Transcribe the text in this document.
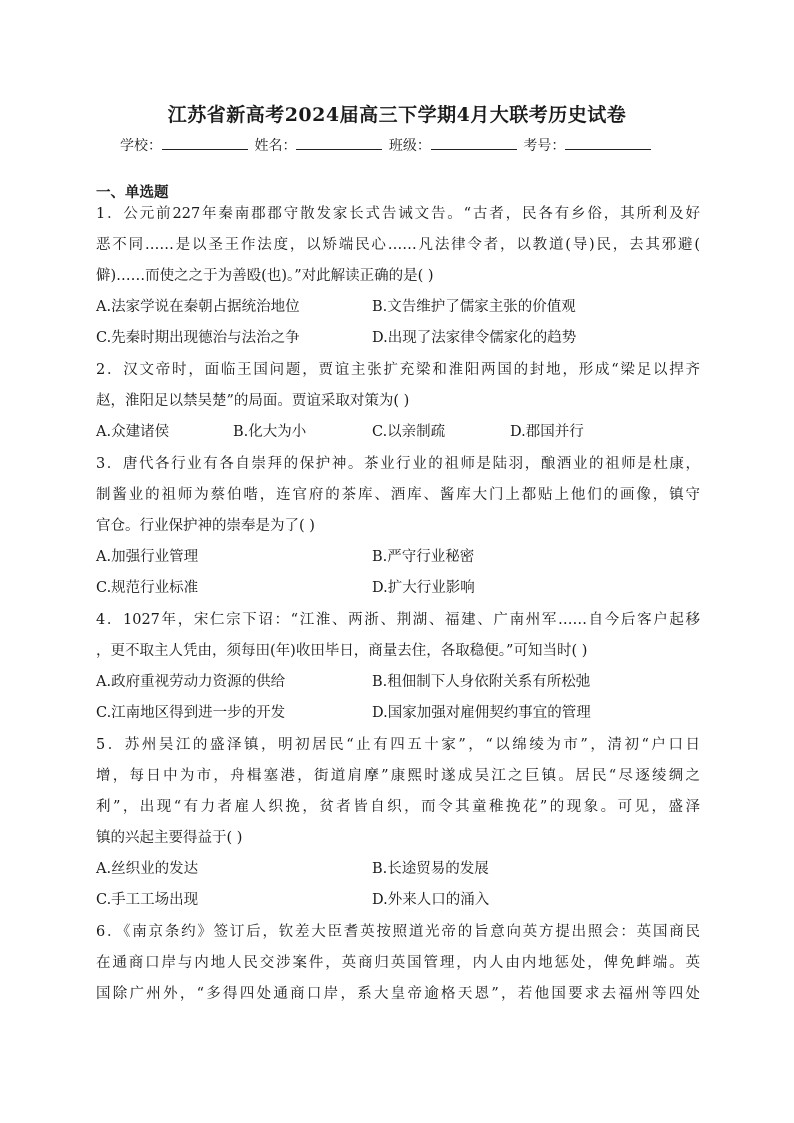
江苏省新高考2024届高三下学期4月大联考历史试卷
学校：	姓名：	班级：	考号：
一、单选题
1．公元前227年秦南郡郡守散发家长式告诫文告。“古者，民各有乡俗，其所利及好
恶不同……是以圣王作法度，以矫端民心……凡法律令者，以教道(导)民，去其邪避(
僻)……而使之之于为善殴(也)。”对此解读正确的是( )
A.法家学说在秦朝占据统治地位	B.文告维护了儒家主张的价值观
C.先秦时期出现德治与法治之争	D.出现了法家律令儒家化的趋势
2．汉文帝时，面临王国问题，贾谊主张扩充梁和淮阳两国的封地，形成“梁足以捍齐
赵，淮阳足以禁吴楚”的局面。贾谊采取对策为( )
A.众建诸侯	B.化大为小	C.以亲制疏	D.郡国并行
3．唐代各行业有各自崇拜的保护神。茶业行业的祖师是陆羽，酿酒业的祖师是杜康，
制酱业的祖师为蔡伯喈，连官府的茶库、酒库、酱库大门上都贴上他们的画像，镇守
官仓。行业保护神的崇奉是为了( )
A.加强行业管理	B.严守行业秘密
C.规范行业标准	D.扩大行业影响
4．1027年，宋仁宗下诏：“江淮、两浙、荆湖、福建、广南州军……自今后客户起移
，更不取主人凭由，须每田(年)收田毕日，商量去住，各取稳便。”可知当时( )
A.政府重视劳动力资源的供给	B.租佃制下人身依附关系有所松弛
C.江南地区得到进一步的开发	D.国家加强对雇佣契约事宜的管理
5．苏州吴江的盛泽镇，明初居民“止有四五十家”，“以绵绫为市”，清初“户口日
增，每日中为市，舟楫塞港，街道肩摩”康熙时遂成吴江之巨镇。居民“尽逐绫绸之
利”，出现“有力者雇人织挽，贫者皆自织，而令其童稚挽花”的现象。可见，盛泽
镇的兴起主要得益于( )
A.丝织业的发达	B.长途贸易的发展
C.手工工场出现	D.外来人口的涌入
6．《南京条约》签订后，钦差大臣耆英按照道光帝的旨意向英方提出照会：英国商民
在通商口岸与内地人民交涉案件，英商归英国管理，内人由内地惩处，俾免衅端。英
国除广州外，“多得四处通商口岸，系大皇帝逾格天恩”，若他国要求去福州等四处
